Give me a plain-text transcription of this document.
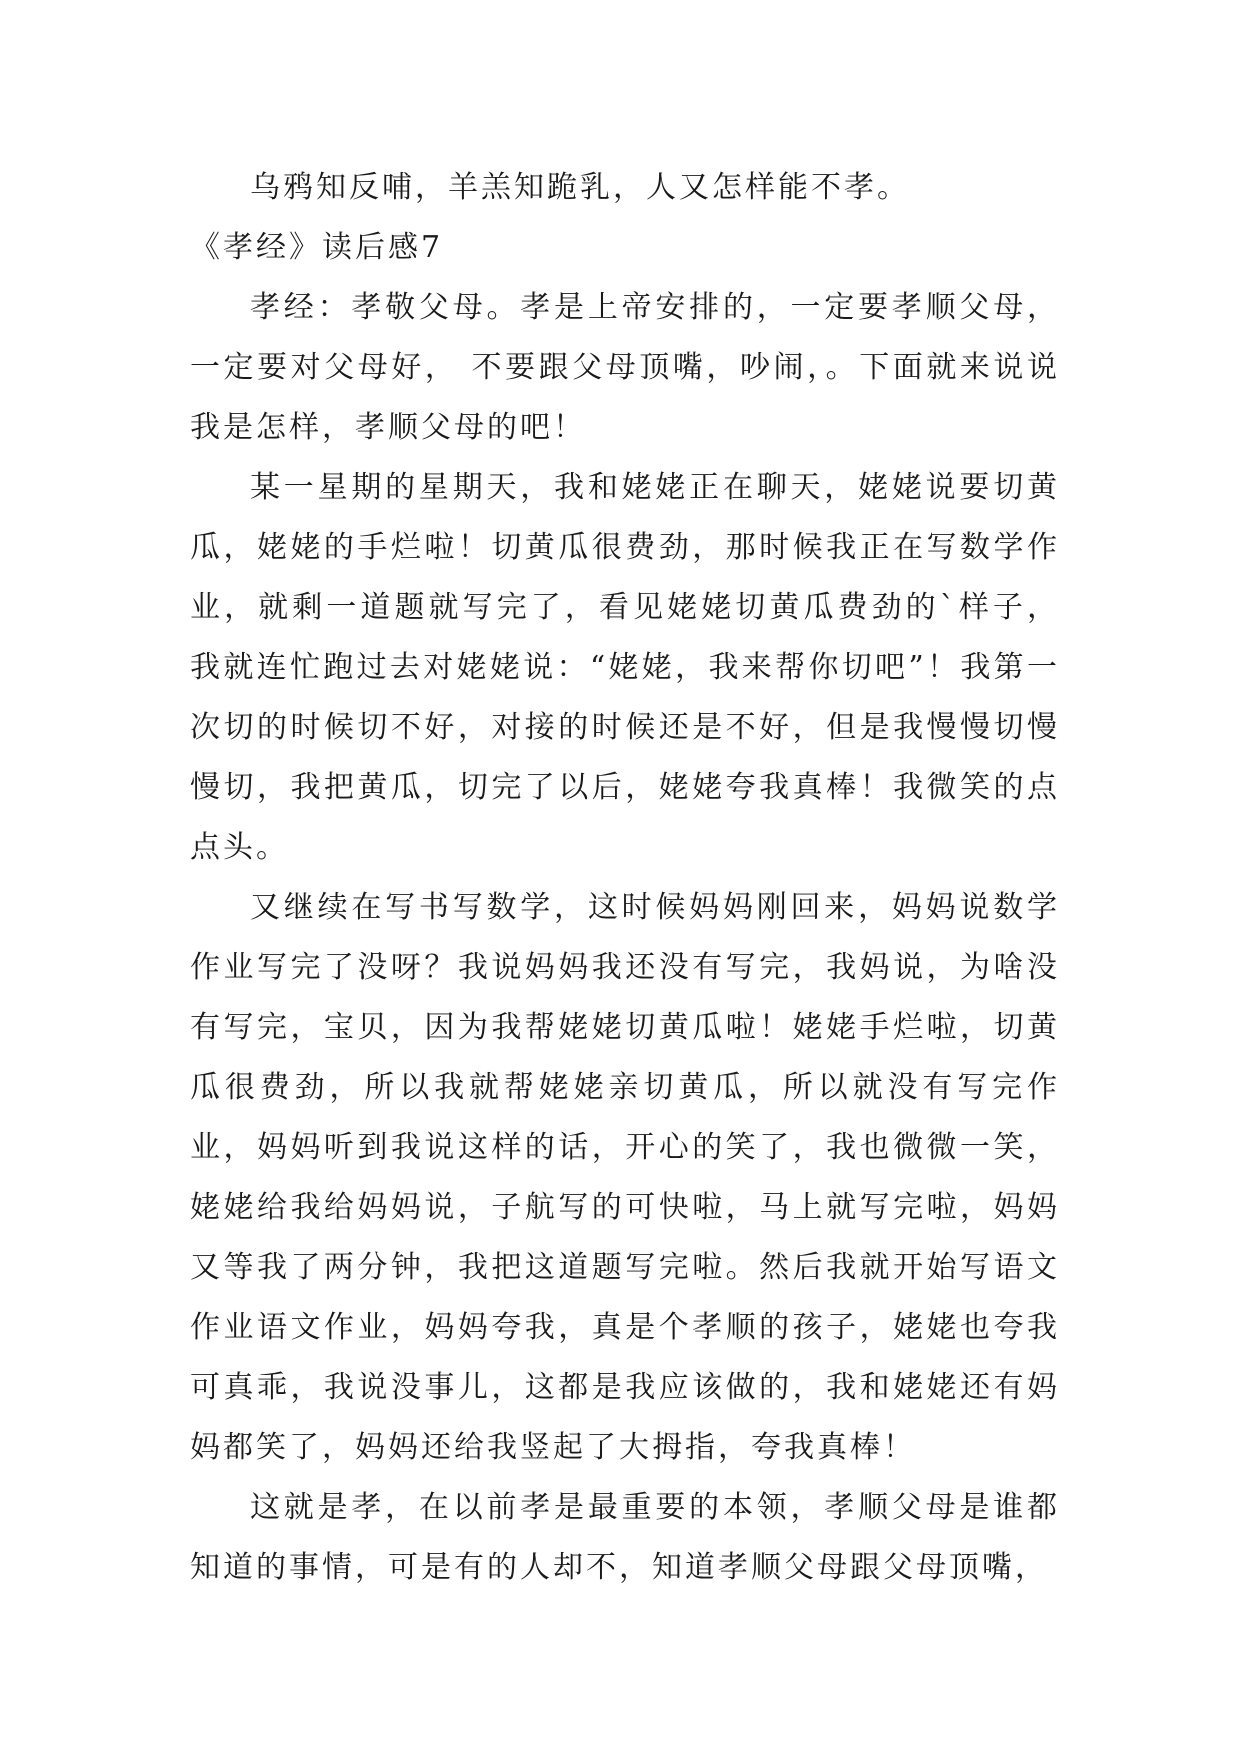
乌鸦知反哺，羊羔知跪乳，人又怎样能不孝。

《孝经》读后感7

孝经：孝敬父母。孝是上帝安排的，一定要孝顺父母，一定要对父母好， 不要跟父母顶嘴，吵闹，。下面就来说说我是怎样，孝顺父母的吧！

某一星期的星期天，我和姥姥正在聊天，姥姥说要切黄瓜，姥姥的手烂啦！切黄瓜很费劲，那时候我正在写数学作业，就剩一道题就写完了，看见姥姥切黄瓜费劲的`样子，我就连忙跑过去对姥姥说：“姥姥，我来帮你切吧”！我第一次切的时候切不好，对接的时候还是不好，但是我慢慢切慢慢切，我把黄瓜，切完了以后，姥姥夸我真棒！我微笑的点点头。

又继续在写书写数学，这时候妈妈刚回来，妈妈说数学作业写完了没呀？我说妈妈我还没有写完，我妈说，为啥没有写完，宝贝，因为我帮姥姥切黄瓜啦！姥姥手烂啦，切黄瓜很费劲，所以我就帮姥姥亲切黄瓜，所以就没有写完作业，妈妈听到我说这样的话，开心的笑了，我也微微一笑，姥姥给我给妈妈说，子航写的可快啦，马上就写完啦，妈妈又等我了两分钟，我把这道题写完啦。然后我就开始写语文作业语文作业，妈妈夸我，真是个孝顺的孩子，姥姥也夸我可真乖，我说没事儿，这都是我应该做的，我和姥姥还有妈妈都笑了，妈妈还给我竖起了大拇指，夸我真棒！

这就是孝，在以前孝是最重要的本领，孝顺父母是谁都知道的事情，可是有的人却不，知道孝顺父母跟父母顶嘴，
